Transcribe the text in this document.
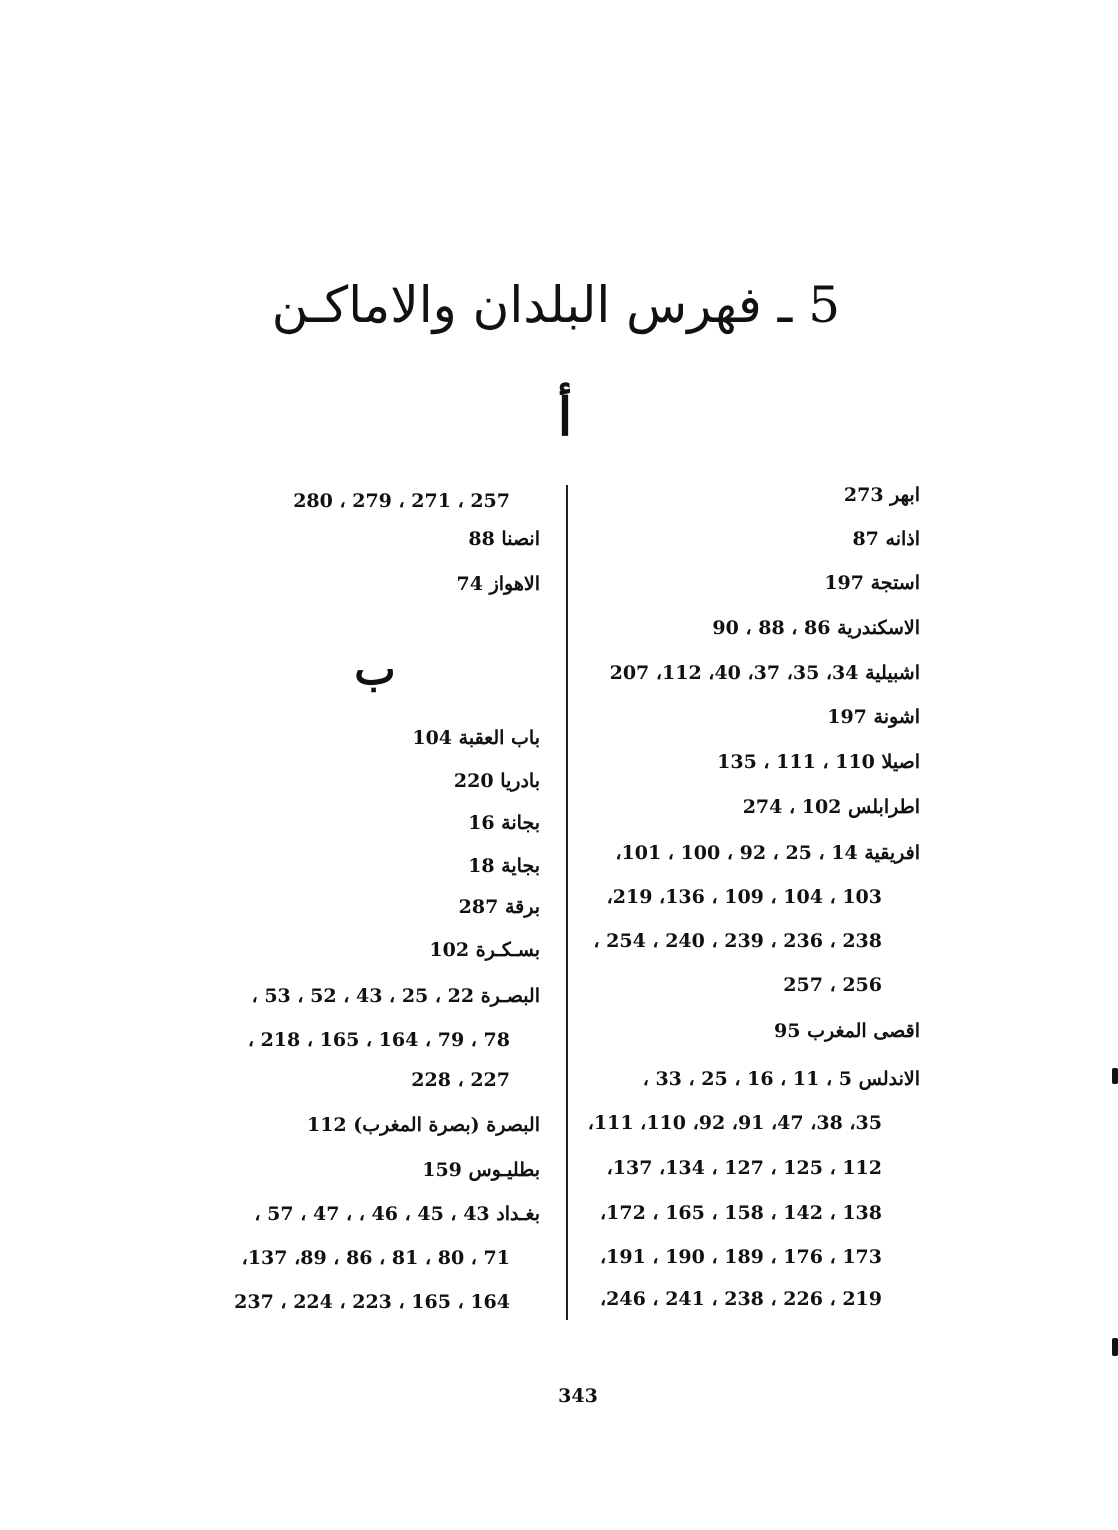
5 ـ فهرس البلدان والاماكـن
أ
ابهر 273
اذانه 87
استجة 197
الاسكندرية 86 ، 88 ، 90
اشبيلية 34، 35، 37، 40، 112، 207
اشونة 197
اصيلا 110 ، 111 ، 135
اطرابلس 102 ، 274
افريقية 14 ، 25 ، 92 ، 100 ، 101،
103 ، 104 ، 109 ، 136، 219،
238 ، 236 ، 239 ، 240 ، 254 ،
256 ، 257
اقصى المغرب 95
الاندلس 5 ، 11 ، 16 ، 25 ، 33 ،
35، 38، 47، 91، 92، 110، 111،
112 ، 125 ، 127 ، 134، 137،
138 ، 142 ، 158 ، 165 ، 172،
173 ، 176 ، 189 ، 190 ، 191،
219 ، 226 ، 238 ، 241 ، 246،
257 ، 271 ، 279 ، 280
انصنا 88
الاهواز 74
ب
باب العقبة 104
بادريا 220
بجانة 16
بجاية 18
برقة 287
بسـكـرة 102
البصـرة 22 ، 25 ، 43 ، 52 ، 53 ،
78 ، 79 ، 164 ، 165 ، 218 ،
227 ، 228
البصرة (بصرة المغرب) 112
بطليـوس 159
بغـداد 43 ، 45 ، 46 ، ، 47 ، 57 ،
71 ، 80 ، 81 ، 86 ، 89، 137،
164 ، 165 ، 223 ، 224 ، 237
343
